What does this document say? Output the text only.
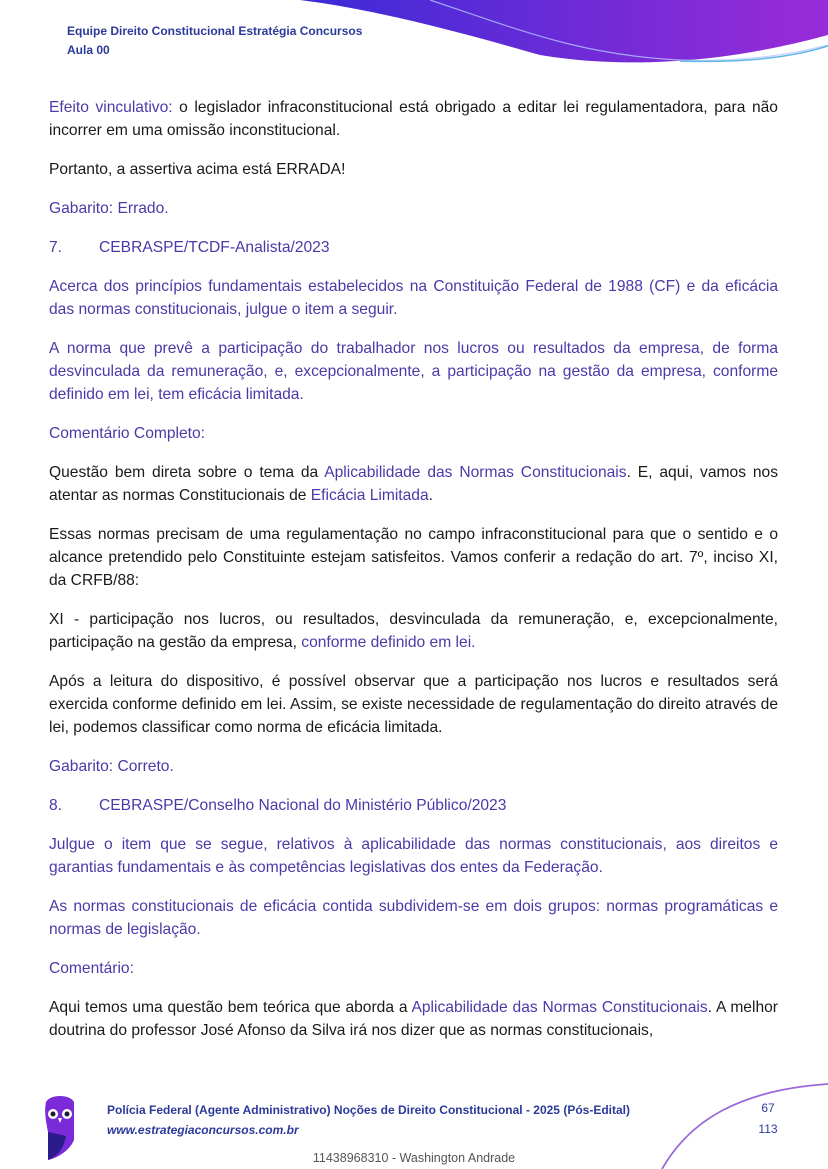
Equipe Direito Constitucional Estratégia Concursos
Aula 00

Efeito vinculativo: o legislador infraconstitucional está obrigado a editar lei regulamentadora, para não incorrer em uma omissão inconstitucional.

Portanto, a assertiva acima está ERRADA!

Gabarito: Errado.

7. CEBRASPE/TCDF-Analista/2023

Acerca dos princípios fundamentais estabelecidos na Constituição Federal de 1988 (CF) e da eficácia das normas constitucionais, julgue o item a seguir.

A norma que prevê a participação do trabalhador nos lucros ou resultados da empresa, de forma desvinculada da remuneração, e, excepcionalmente, a participação na gestão da empresa, conforme definido em lei, tem eficácia limitada.

Comentário Completo:

Questão bem direta sobre o tema da Aplicabilidade das Normas Constitucionais. E, aqui, vamos nos atentar as normas Constitucionais de Eficácia Limitada.

Essas normas precisam de uma regulamentação no campo infraconstitucional para que o sentido e o alcance pretendido pelo Constituinte estejam satisfeitos. Vamos conferir a redação do art. 7º, inciso XI, da CRFB/88:

XI - participação nos lucros, ou resultados, desvinculada da remuneração, e, excepcionalmente, participação na gestão da empresa, conforme definido em lei.

Após a leitura do dispositivo, é possível observar que a participação nos lucros e resultados será exercida conforme definido em lei. Assim, se existe necessidade de regulamentação do direito através de lei, podemos classificar como norma de eficácia limitada.

Gabarito: Correto.

8. CEBRASPE/Conselho Nacional do Ministério Público/2023

Julgue o item que se segue, relativos à aplicabilidade das normas constitucionais, aos direitos e garantias fundamentais e às competências legislativas dos entes da Federação.

As normas constitucionais de eficácia contida subdividem-se em dois grupos: normas programáticas e normas de legislação.

Comentário:

Aqui temos uma questão bem teórica que aborda a Aplicabilidade das Normas Constitucionais. A melhor doutrina do professor José Afonso da Silva irá nos dizer que as normas constitucionais,

Polícia Federal (Agente Administrativo) Noções de Direito Constitucional - 2025 (Pós-Edital)
www.estrategiaconcursos.com.br
67
113
11438968310 - Washington Andrade
